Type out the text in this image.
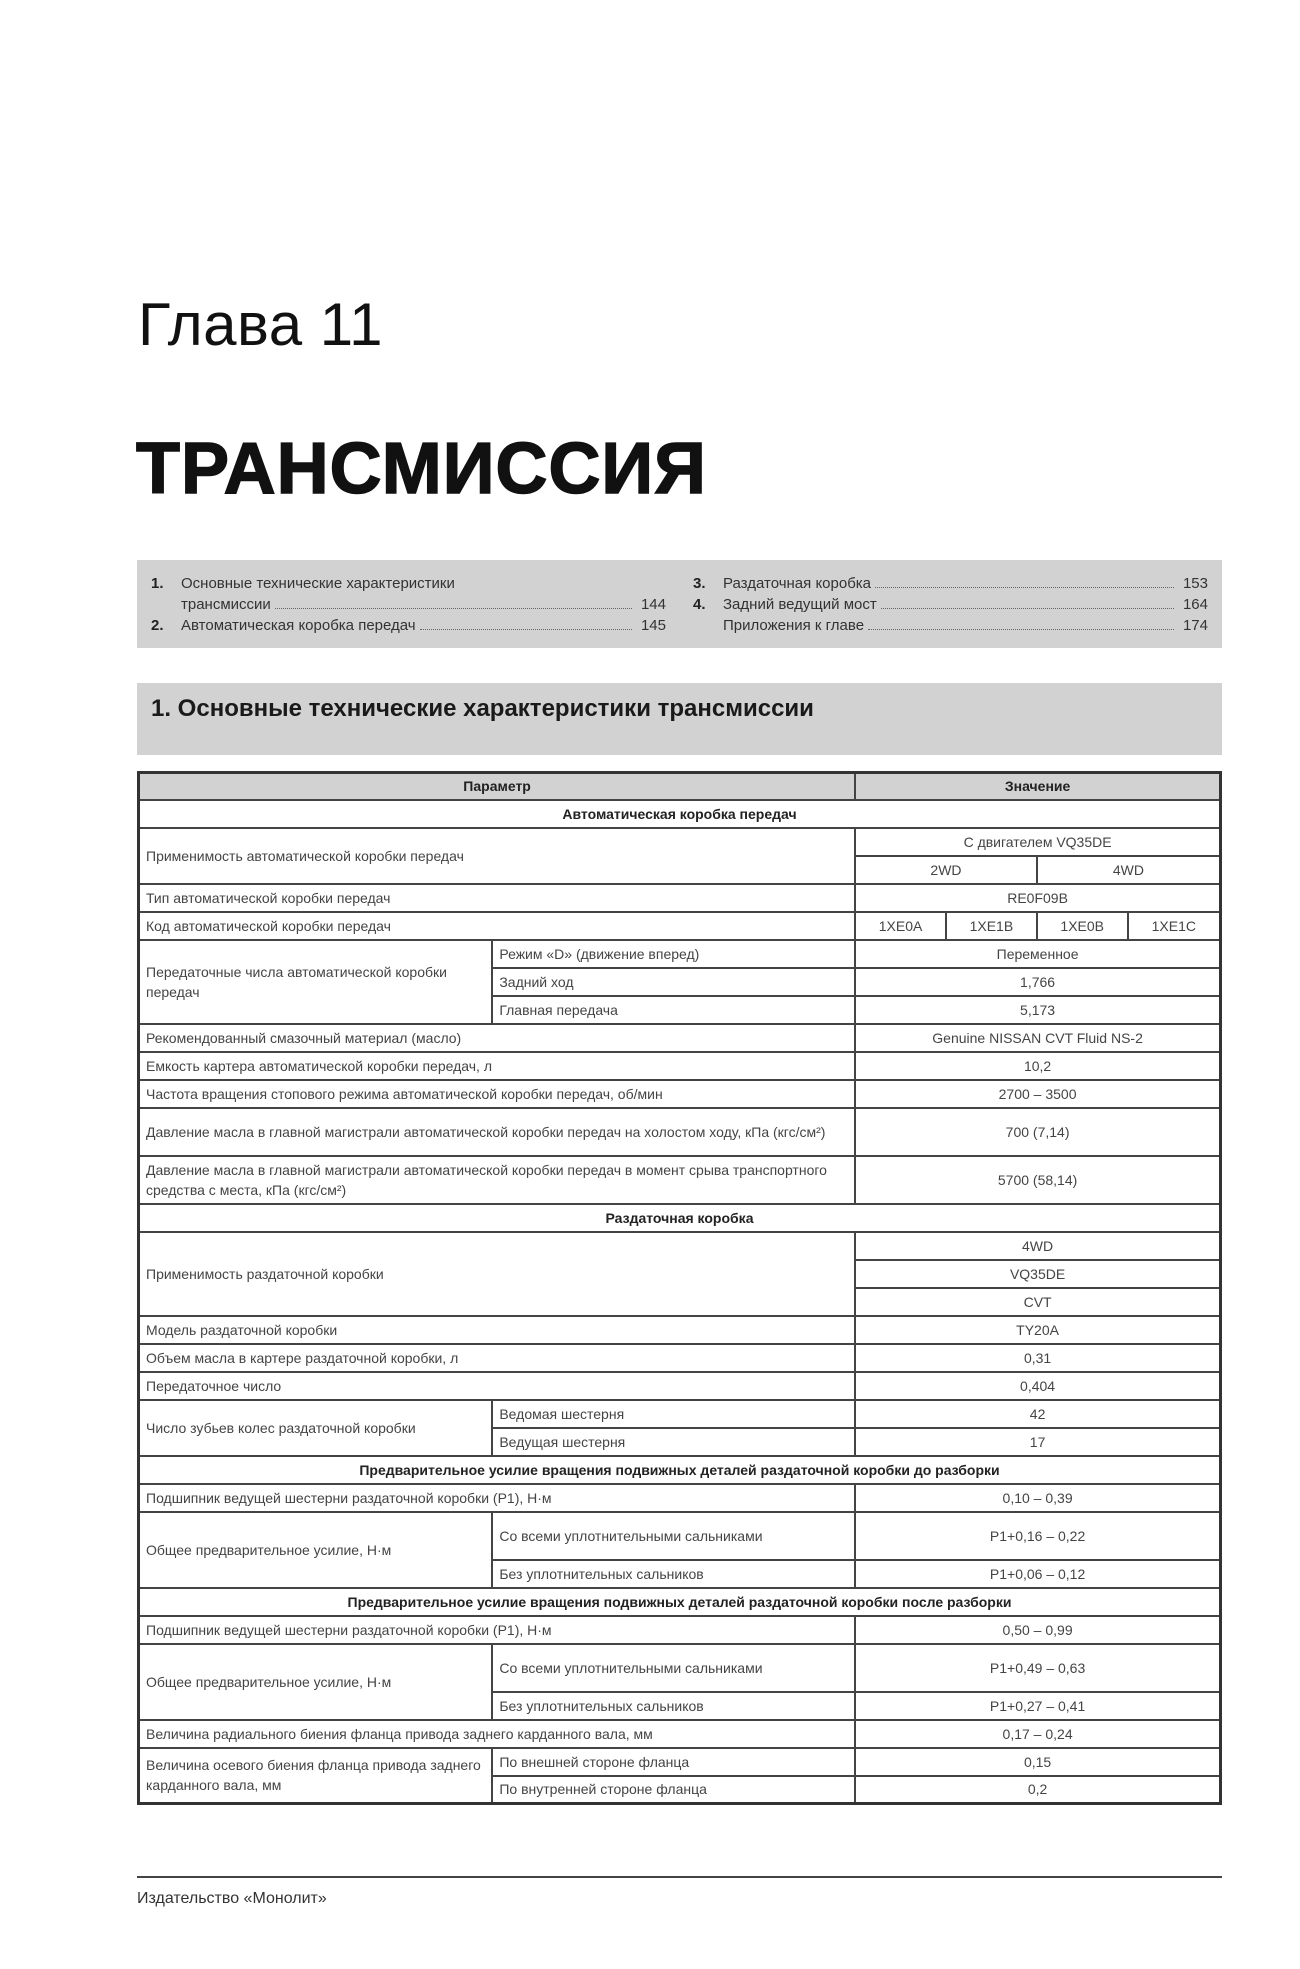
Глава 11
ТРАНСМИССИЯ
1.	Основные технические характеристики
трансмиссии	144
2.	Автоматическая коробка передач	145
3.	Раздаточная коробка	153
4.	Задний ведущий мост	164
Приложения к главе	174
1. Основные технические характеристики трансмиссии
Параметр		Значение			
Автоматическая коробка передач					
Применимость автоматической коробки передач		С двигателем VQ35DE			
		2WD		4WD	
Тип автоматической коробки передач		RE0F09B			
Код автоматической коробки передач		1XE0A	1XE1B	1XE0B	1XE1C
Передаточные числа автоматической коробки передач	Режим «D» (движение вперед)	Переменное			
	Задний ход	1,766			
	Главная передача	5,173			
Рекомендованный смазочный материал (масло)		Genuine NISSAN CVT Fluid NS-2			
Емкость картера автоматической коробки передач, л		10,2			
Частота вращения стопового режима автоматической коробки передач, об/мин		2700 – 3500			
Давление масла в главной магистрали автоматической коробки передач на холостом ходу, кПа (кгс/см²)		700 (7,14)			
Давление масла в главной магистрали автоматической коробки передач в момент срыва транспортного средства с места, кПа (кгс/см²)		5700 (58,14)			
Раздаточная коробка					
Применимость раздаточной коробки		4WD			
		VQ35DE			
		CVT			
Модель раздаточной коробки		TY20A			
Объем масла в картере раздаточной коробки, л		0,31			
Передаточное число		0,404			
Число зубьев колес раздаточной коробки	Ведомая шестерня	42			
	Ведущая шестерня	17			
Предварительное усилие вращения подвижных деталей раздаточной коробки до разборки					
Подшипник ведущей шестерни раздаточной коробки (P1), Н·м		0,10 – 0,39			
Общее предварительное усилие, Н·м	Со всеми уплотнительными сальниками	P1+0,16 – 0,22			
	Без уплотнительных сальников	P1+0,06 – 0,12			
Предварительное усилие вращения подвижных деталей раздаточной коробки после разборки					
Подшипник ведущей шестерни раздаточной коробки (P1), Н·м		0,50 – 0,99			
Общее предварительное усилие, Н·м	Со всеми уплотнительными сальниками	P1+0,49 – 0,63			
	Без уплотнительных сальников	P1+0,27 – 0,41			
Величина радиального биения фланца привода заднего карданного вала, мм		0,17 – 0,24			
Величина осевого биения фланца привода заднего карданного вала, мм	По внешней стороне фланца	0,15			
	По внутренней стороне фланца	0,2			
Издательство «Монолит»
